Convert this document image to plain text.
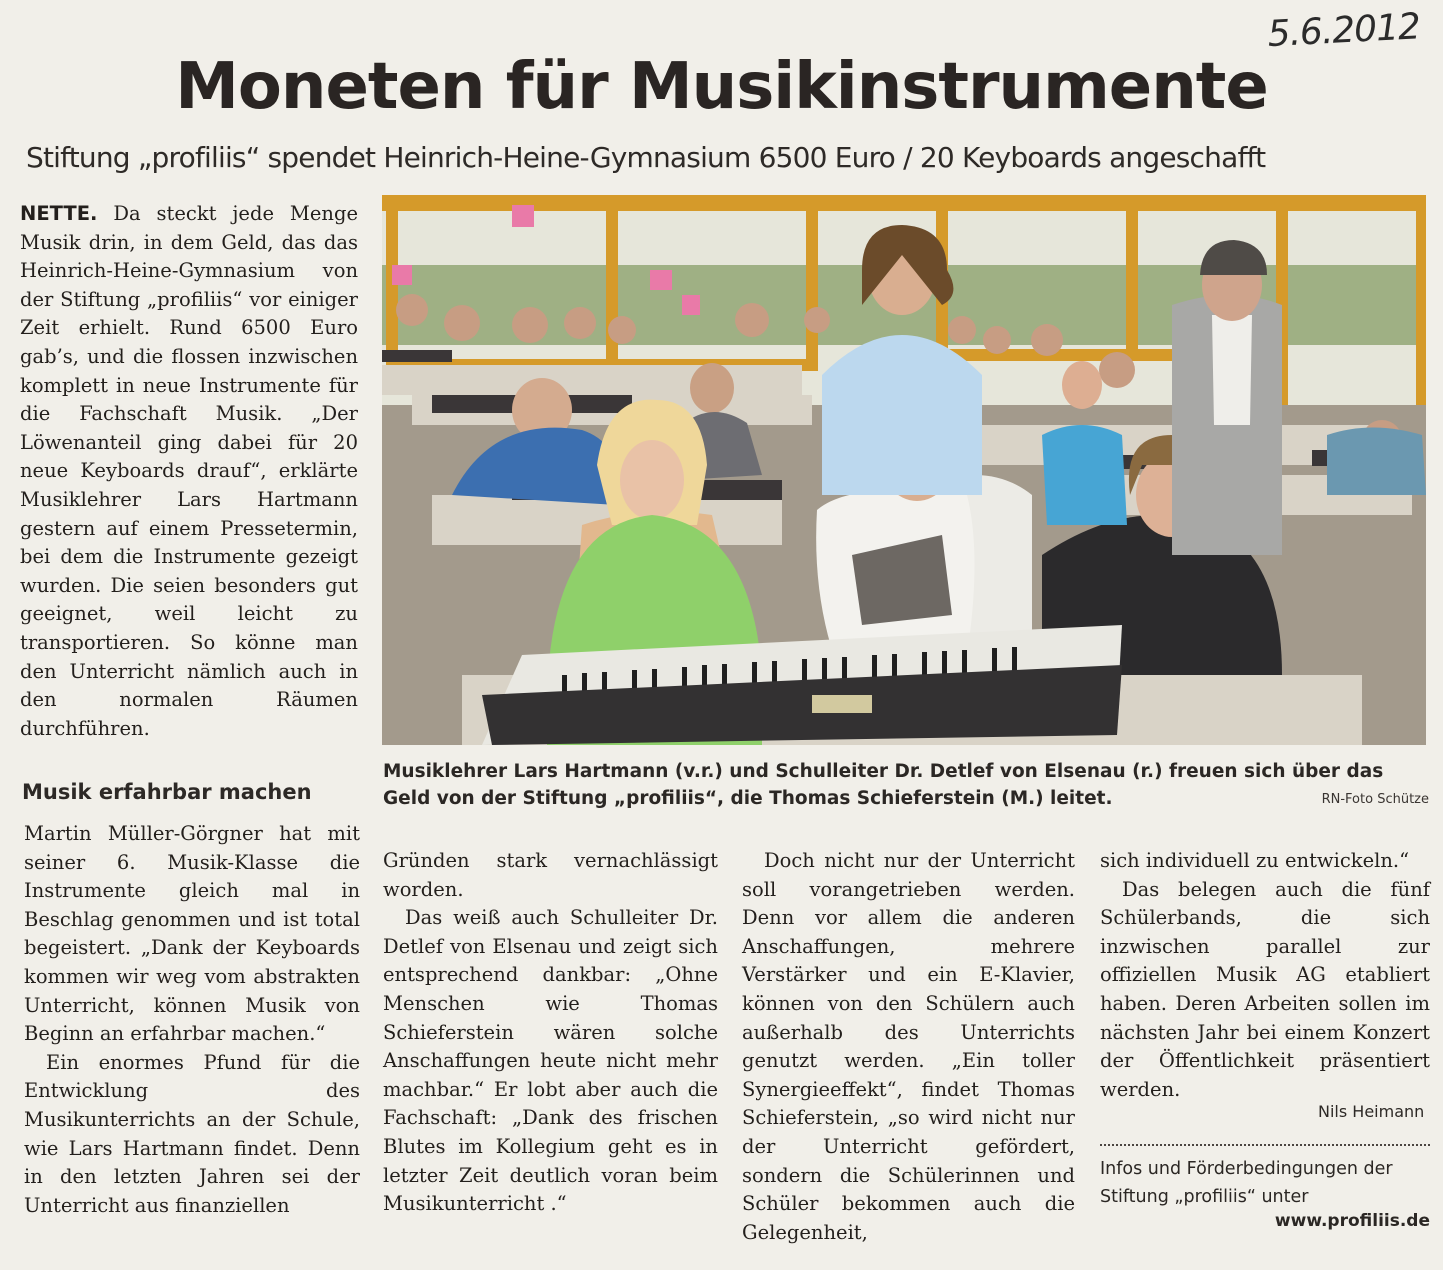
5.6.2012
Moneten für Musikinstrumente
Stiftung „profiliis“ spendet Heinrich-Heine-Gymnasium 6500 Euro / 20 Keyboards angeschafft
NETTE. Da steckt jede Menge Musik drin, in dem Geld, das das Heinrich-Heine-Gymnasium von der Stiftung „profiliis“ vor einiger Zeit erhielt. Rund 6500 Euro gab’s, und die flossen inzwischen komplett in neue Instrumente für die Fachschaft Musik. „Der Löwenanteil ging dabei für 20 neue Keyboards drauf“, erklärte Musiklehrer Lars Hartmann gestern auf einem Pressetermin, bei dem die Instrumente gezeigt wurden. Die seien besonders gut geeignet, weil leicht zu transportieren. So könne man den Unterricht nämlich auch in den normalen Räumen durchführen.
Musik erfahrbar machen

Martin Müller-Görgner hat mit seiner 6. Musik-Klasse die Instrumente gleich mal in Beschlag genommen und ist total begeistert. „Dank der Keyboards kommen wir weg vom abstrakten Unterricht, können Musik von Beginn an erfahrbar machen.“

Ein enormes Pfund für die Entwicklung des Musikunterrichts an der Schule, wie Lars Hartmann findet. Denn in den letzten Jahren sei der Unterricht aus finanziellen

Musiklehrer Lars Hartmann (v.r.) und Schulleiter Dr. Detlef von Elsenau (r.) freuen sich über das Geld von der Stiftung „profiliis“, die Thomas Schieferstein (M.) leitet.	RN-Foto Schütze

Gründen stark vernachlässigt worden.

Das weiß auch Schulleiter Dr. Detlef von Elsenau und zeigt sich entsprechend dankbar: „Ohne Menschen wie Thomas Schieferstein wären solche Anschaffungen heute nicht mehr machbar.“ Er lobt aber auch die Fachschaft: „Dank des frischen Blutes im Kollegium geht es in letzter Zeit deutlich voran beim Musikunterricht .“

Doch nicht nur der Unterricht soll vorangetrieben werden. Denn vor allem die anderen Anschaffungen, mehrere Verstärker und ein E-Klavier, können von den Schülern auch außerhalb des Unterrichts genutzt werden. „Ein toller Synergieeffekt“, findet Thomas Schieferstein, „so wird nicht nur der Unterricht gefördert, sondern die Schülerinnen und Schüler bekommen auch die Gelegenheit,

sich individuell zu entwickeln.“

Das belegen auch die fünf Schülerbands, die sich inzwischen parallel zur offiziellen Musik AG etabliert haben. Deren Arbeiten sollen im nächsten Jahr bei einem Konzert der Öffentlichkeit präsentiert werden.

Nils Heimann
Infos und Förderbedingungen der Stiftung „profiliis“ unter
www.profiliis.de
